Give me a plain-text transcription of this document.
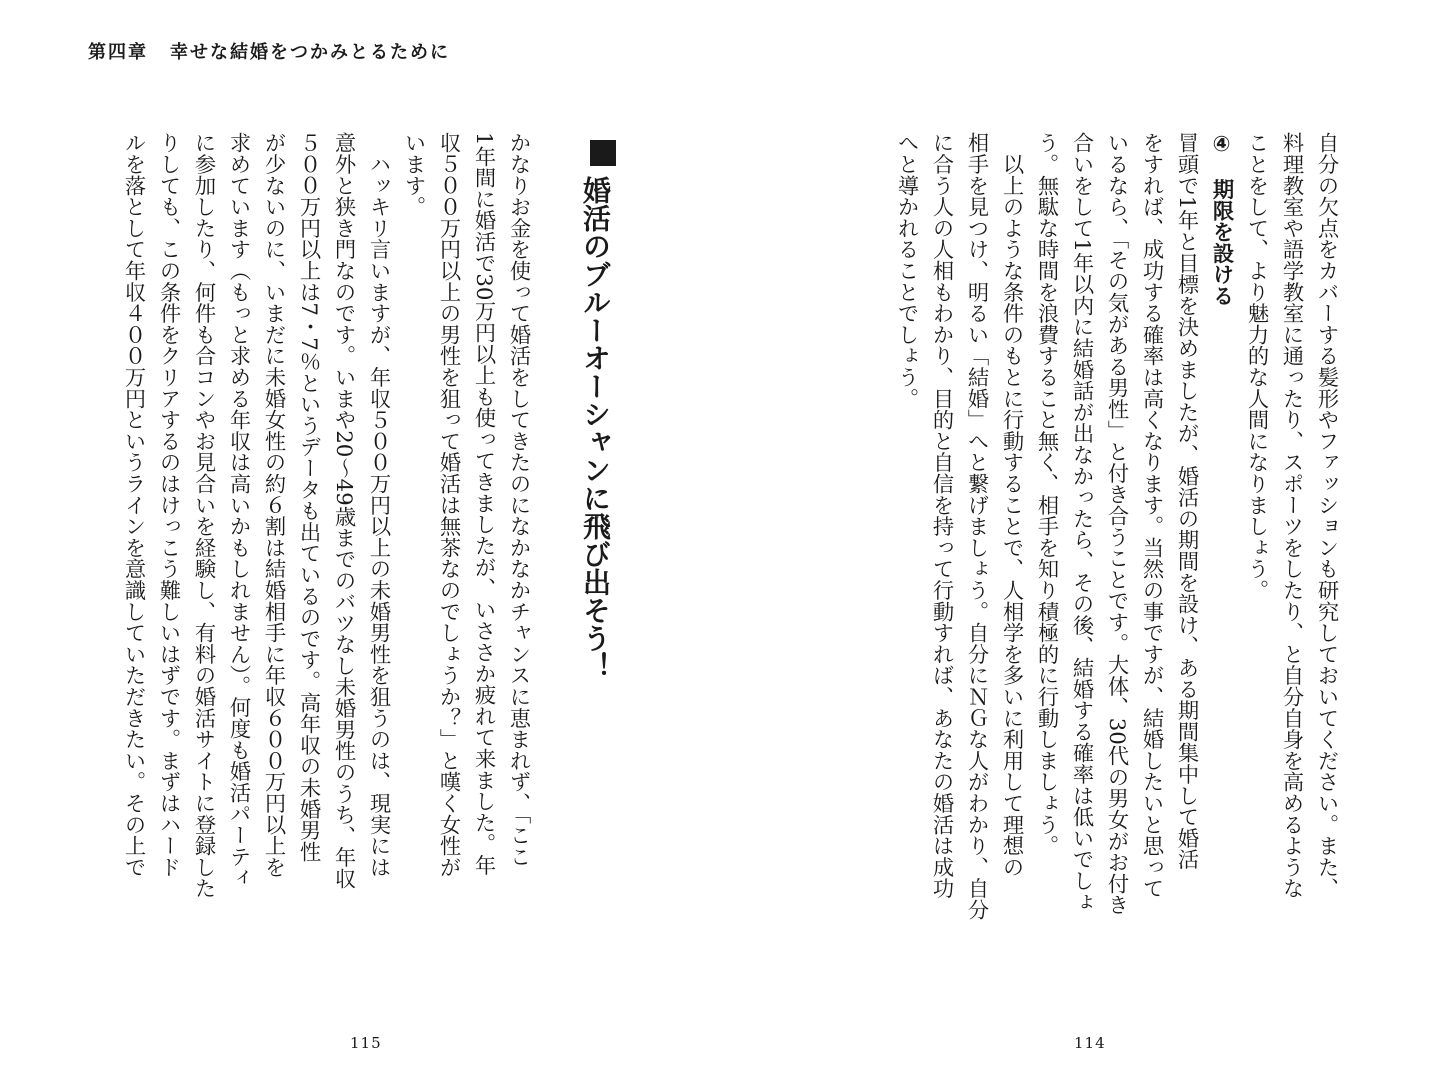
第四章 幸せな結婚をつかみとるために
自分の欠点をカバーする髪形やファッションも研究しておいてください。また、
料理教室や語学教室に通ったり、スポーツをしたり、と自分自身を高めるような
ことをして、より魅力的な人間になりましょう。
④　期限を設ける
冒頭で1年と目標を決めましたが、婚活の期間を設け、ある期間集中して婚活
をすれば、成功する確率は高くなります。当然の事ですが、結婚したいと思って
いるなら、「その気がある男性」と付き合うことです。大体、30代の男女がお付き
合いをして1年以内に結婚話が出なかったら、その後、結婚する確率は低いでしょ
う。無駄な時間を浪費すること無く、相手を知り積極的に行動しましょう。
　以上のような条件のもとに行動することで、人相学を多いに利用して理想の
相手を見つけ、明るい「結婚」へと繋げましょう。自分にＮＧな人がわかり、自分
に合う人の人相もわかり、目的と自信を持って行動すれば、あなたの婚活は成功
へと導かれることでしょう。
114
婚活のブルーオーシャンに飛び出そう！
かなりお金を使って婚活をしてきたのになかなかチャンスに恵まれず、「ここ
1年間に婚活で30万円以上も使ってきましたが、いささか疲れて来ました。年
収５００万円以上の男性を狙って婚活は無茶なのでしょうか？」と嘆く女性が
います。
　ハッキリ言いますが、年収５００万円以上の未婚男性を狙うのは、現実には
意外と狭き門なのです。いまや20～49歳までのバツなし未婚男性のうち、年収
５００万円以上は7・7％というデータも出ているのです。高年収の未婚男性
が少ないのに、いまだに未婚女性の約６割は結婚相手に年収６００万円以上を
求めています（もっと求める年収は高いかもしれません）。何度も婚活パーティ
に参加したり、何件も合コンやお見合いを経験し、有料の婚活サイトに登録した
りしても、この条件をクリアするのはけっこう難しいはずです。まずはハード
ルを落として年収４００万円というラインを意識していただきたい。その上で
115
